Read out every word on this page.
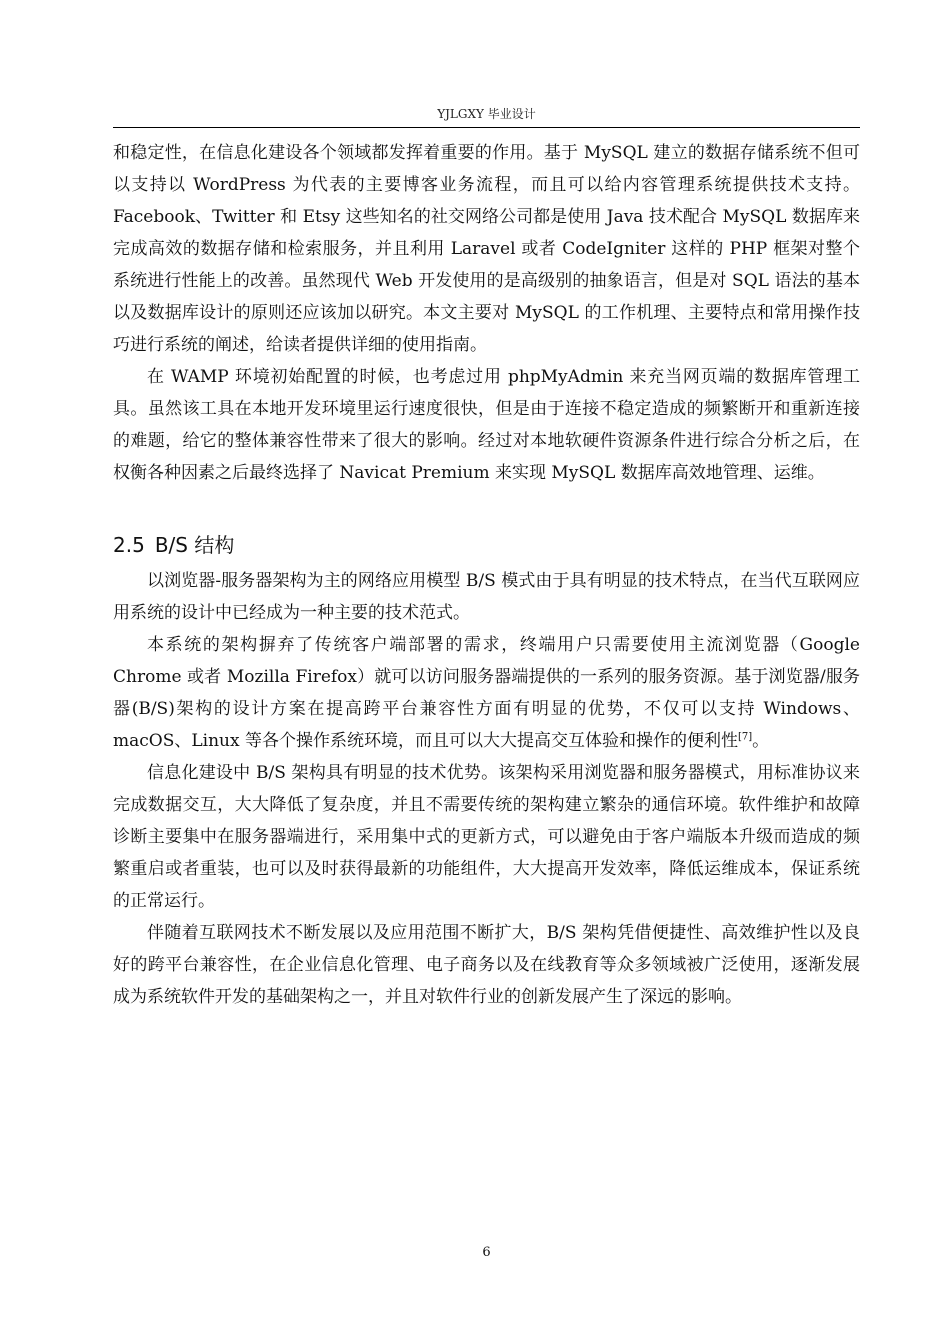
YJLGXY 毕业设计

和稳定性，在信息化建设各个领域都发挥着重要的作用。基于 MySQL 建立的数据存储系统不但可以支持以 WordPress 为代表的主要博客业务流程，而且可以给内容管理系统提供技术支持。Facebook、Twitter 和 Etsy 这些知名的社交网络公司都是使用 Java 技术配合 MySQL 数据库来完成高效的数据存储和检索服务，并且利用 Laravel 或者 CodeIgniter 这样的 PHP 框架对整个系统进行性能上的改善。虽然现代 Web 开发使用的是高级别的抽象语言，但是对 SQL 语法的基本以及数据库设计的原则还应该加以研究。本文主要对 MySQL 的工作机理、主要特点和常用操作技巧进行系统的阐述，给读者提供详细的使用指南。

在 WAMP 环境初始配置的时候，也考虑过用 phpMyAdmin 来充当网页端的数据库管理工具。虽然该工具在本地开发环境里运行速度很快，但是由于连接不稳定造成的频繁断开和重新连接的难题，给它的整体兼容性带来了很大的影响。经过对本地软硬件资源条件进行综合分析之后，在权衡各种因素之后最终选择了 Navicat Premium 来实现 MySQL 数据库高效地管理、运维。

2.5 B/S 结构

以浏览器-服务器架构为主的网络应用模型 B/S 模式由于具有明显的技术特点，在当代互联网应用系统的设计中已经成为一种主要的技术范式。

本系统的架构摒弃了传统客户端部署的需求，终端用户只需要使用主流浏览器（Google Chrome 或者 Mozilla Firefox）就可以访问服务器端提供的一系列的服务资源。基于浏览器/服务器(B/S)架构的设计方案在提高跨平台兼容性方面有明显的优势，不仅可以支持 Windows、macOS、Linux 等各个操作系统环境，而且可以大大提高交互体验和操作的便利性[7]。

信息化建设中 B/S 架构具有明显的技术优势。该架构采用浏览器和服务器模式，用标准协议来完成数据交互，大大降低了复杂度，并且不需要传统的架构建立繁杂的通信环境。软件维护和故障诊断主要集中在服务器端进行，采用集中式的更新方式，可以避免由于客户端版本升级而造成的频繁重启或者重装，也可以及时获得最新的功能组件，大大提高开发效率，降低运维成本，保证系统的正常运行。

伴随着互联网技术不断发展以及应用范围不断扩大，B/S 架构凭借便捷性、高效维护性以及良好的跨平台兼容性，在企业信息化管理、电子商务以及在线教育等众多领域被广泛使用，逐渐发展成为系统软件开发的基础架构之一，并且对软件行业的创新发展产生了深远的影响。

6
